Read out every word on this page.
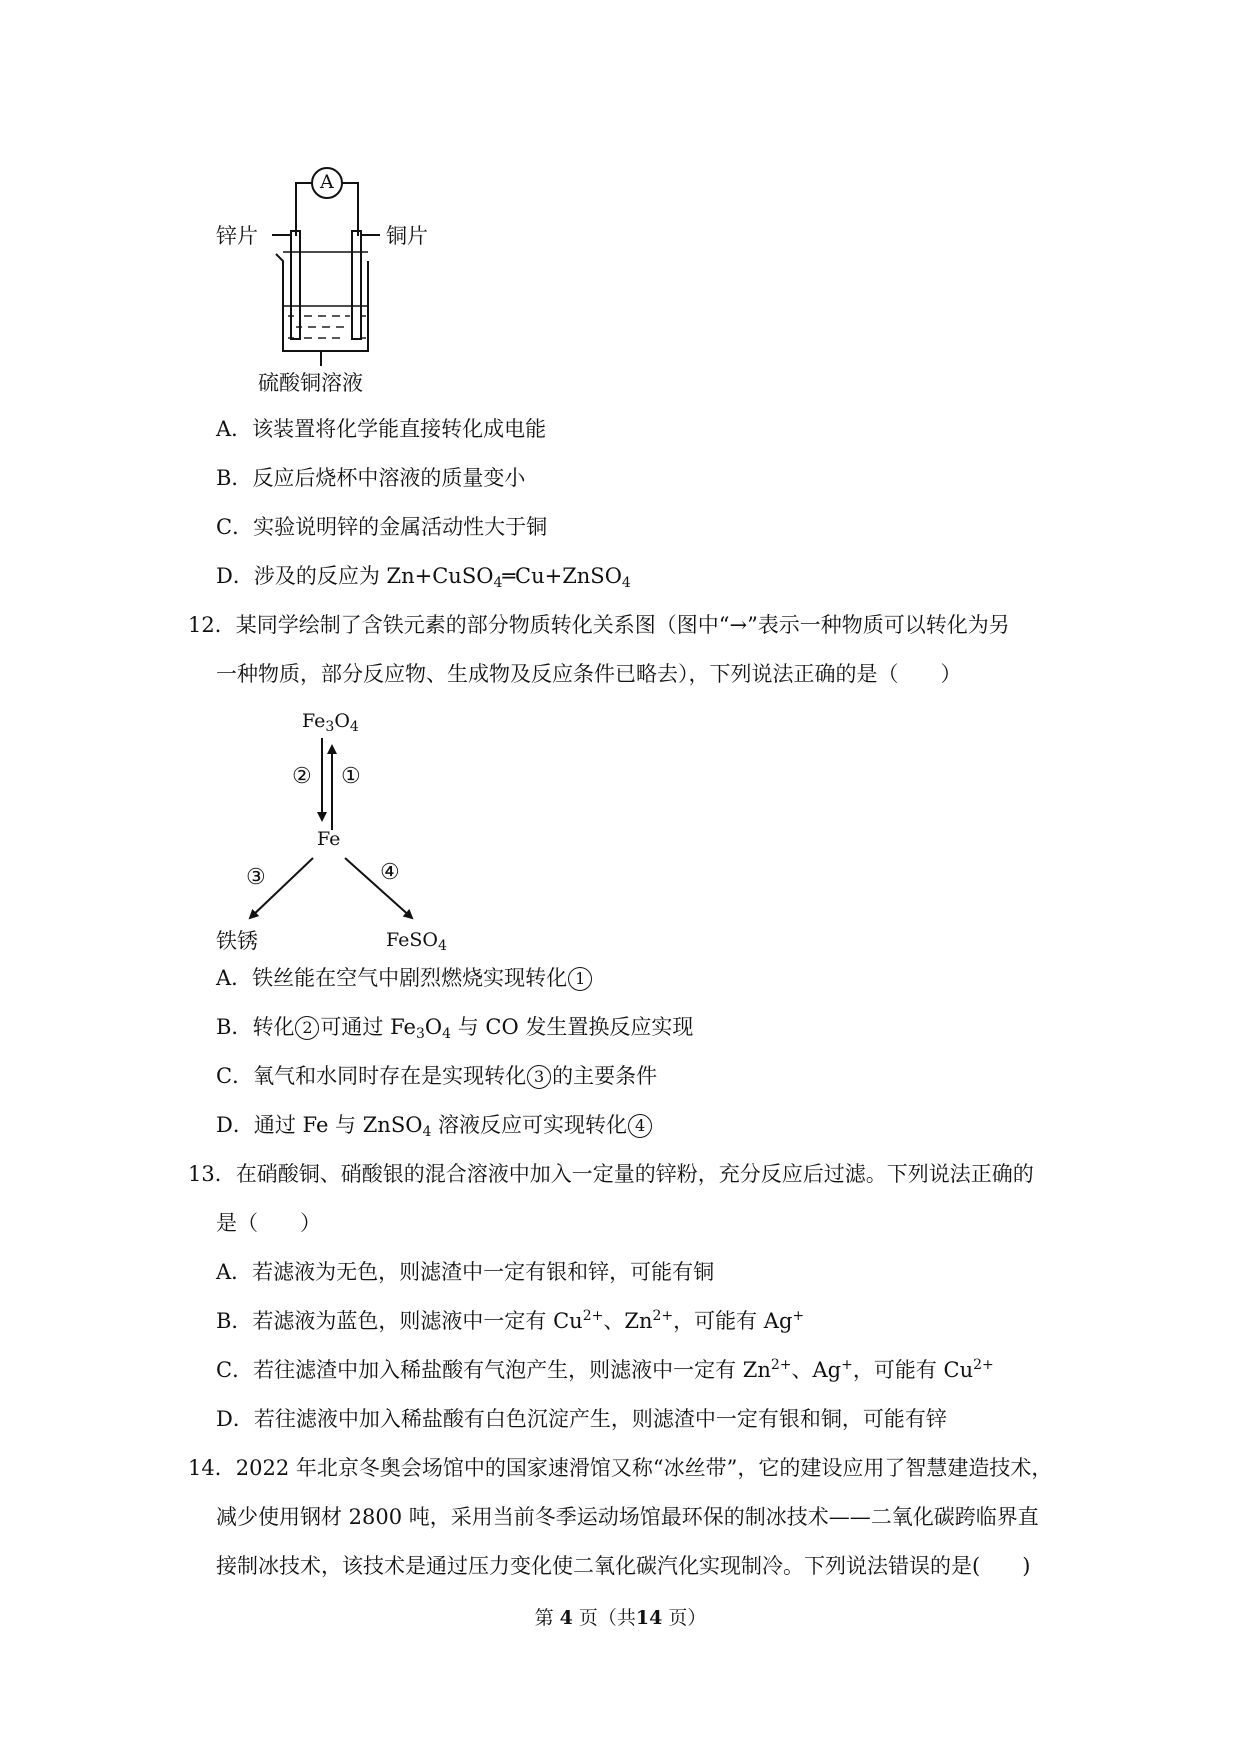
A
锌片	铜片
硫酸铜溶液
A．该装置将化学能直接转化成电能
B．反应后烧杯中溶液的质量变小
C．实验说明锌的金属活动性大于铜
D．涉及的反应为 Zn+CuSO$_4$═Cu+ZnSO$_4$
12．某同学绘制了含铁元素的部分物质转化关系图（图中“→”表示一种物质可以转化为另
一种物质，部分反应物、生成物及反应条件已略去），下列说法正确的是（　　）
$Fe_3O_4$
Fe
铁锈	FeSO$_4$
② ①
③	④
A．铁丝能在空气中剧烈燃烧实现转化 1
B．转化 2 可通过 $Fe_3O_4$ 与 CO 发生置换反应实现
C．氧气和水同时存在是实现转化 3 的主要条件
D．通过 Fe 与 ZnSO$_4$ 溶液反应可实现转化 4
13．在硝酸铜、硝酸银的混合溶液中加入一定量的锌粉，充分反应后过滤。下列说法正确的
是（　　）
A．若滤液为无色，则滤渣中一定有银和锌，可能有铜
B．若滤液为蓝色，则滤液中一定有 $Cu^{2+}$、$Zn^{2+}$，可能有 Ag+
C．若往滤渣中加入稀盐酸有气泡产生，则滤液中一定有 $Zn^{2+}$、Ag+，可能有 $Cu^{2+}$
D．若往滤液中加入稀盐酸有白色沉淀产生，则滤渣中一定有银和铜，可能有锌
14．2022 年北京冬奥会场馆中的国家速滑馆又称“冰丝带”，它的建设应用了智慧建造技术，
减少使用钢材 2800 吨，采用当前冬季运动场馆最环保的制冰技术——二氧化碳跨临界直
接制冰技术，该技术是通过压力变化使二氧化碳汽化实现制冷。下列说法错误的是(　　)
第 4 页（共14 页）
